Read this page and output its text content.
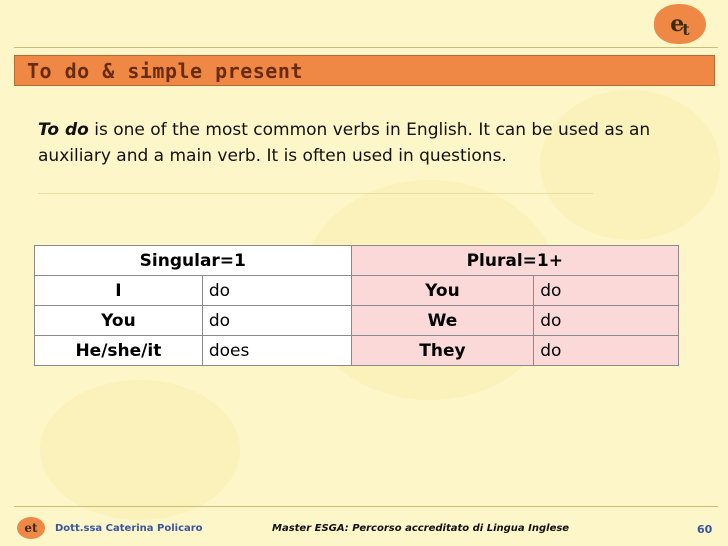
e
t
To do & simple present
To do is one of the most common verbs in English. It can be used as an auxiliary and a main verb. It is often used in questions.
Singular=1		Plural=1+	
I	do	You	do
You	do	We	do
He/she/it	does	They	do
et	Dott.ssa Caterina Policaro	Master ESGA: Percorso accreditato di Lingua Inglese	60
